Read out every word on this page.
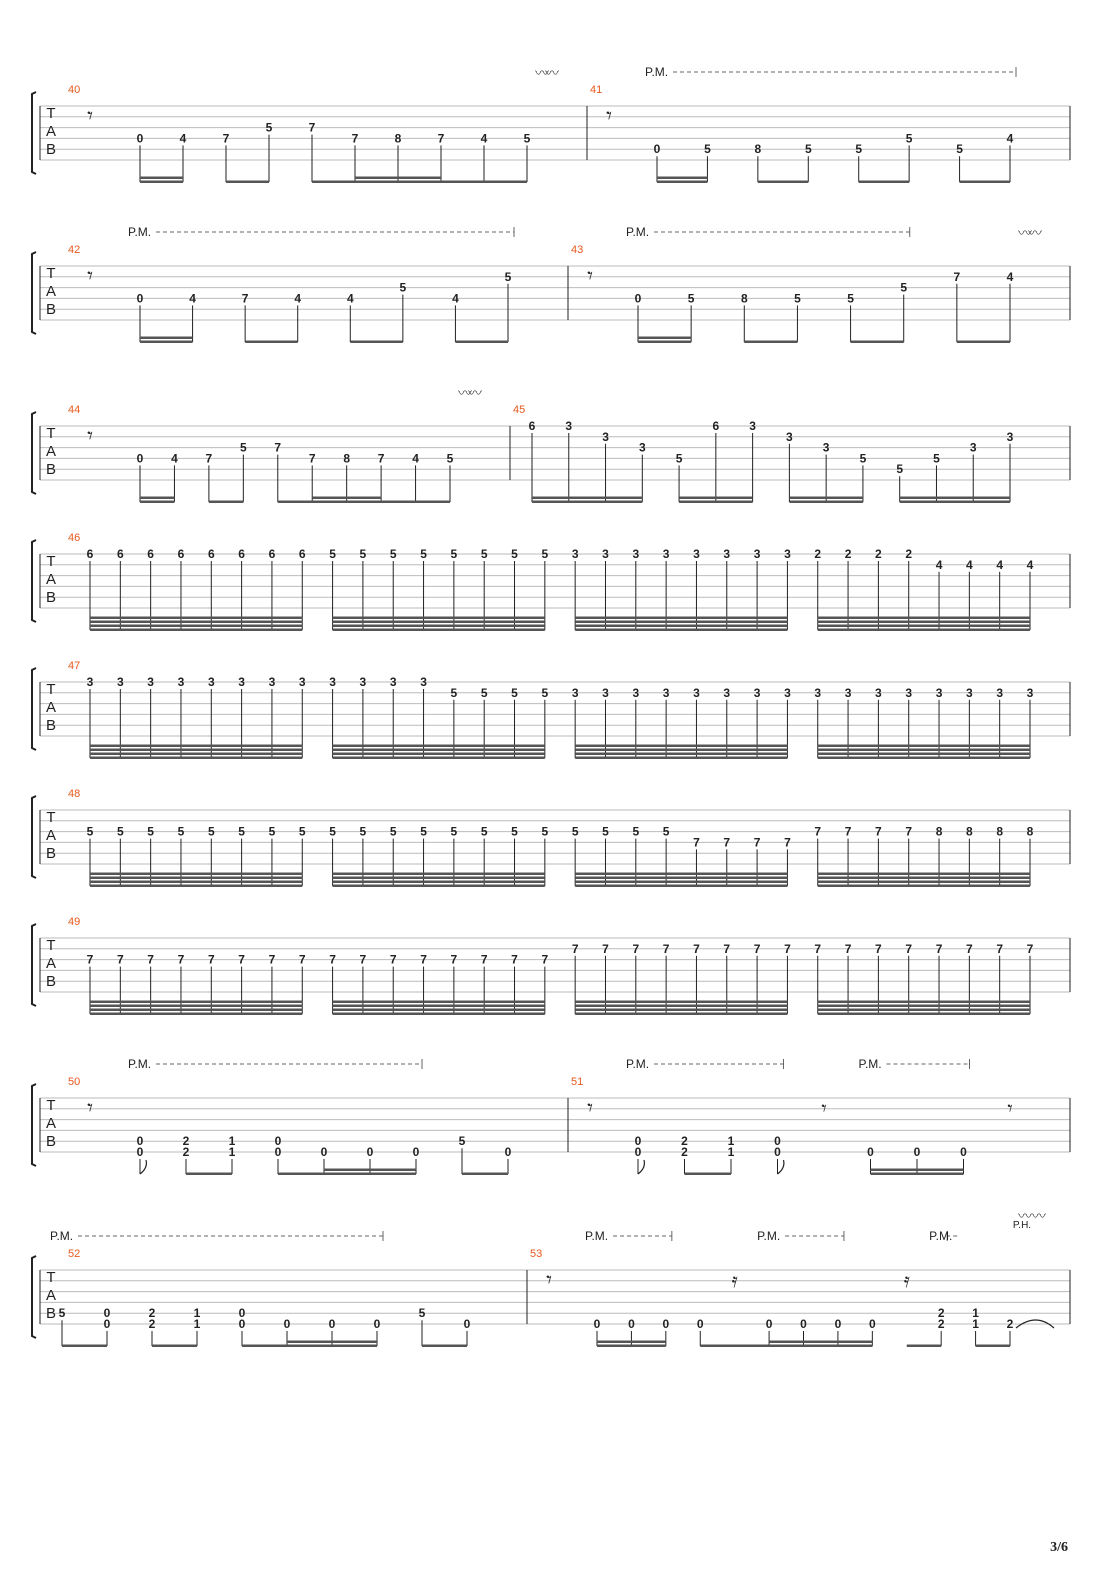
T
A
B
40
𝄾
0	4	7
5	7
7	8	7	4	5
〰〰
41
𝄾
0	5	8	5	5
5
5
4
P.M.
T
A
B
42
𝄾
0	4	7	4	4
5
4
5
43
𝄾
0	5	8	5	5
5
7	4
〰〰
P.M.	P.M.
T
A
B
44
𝄾
0 4 7
5 7
7 8 7 4 5
〰〰
45
6	3
3
3
5
6	3
3
3
5
5
5
3
3
T
A
B
46
6 6 6 6 6 6 6 6 5 5 5 5 5 5 5 5 3 3 3 3 3 3 3 3 2 2 2 2
4 4 4 4
T
A
B
47
3 3 3 3 3 3 3 3 3 3 3 3
5 5 5 5 3 3 3 3 3 3 3 3 3 3 3 3 3 3 3 3
T
A
B
48
5 5 5 5 5 5 5 5 5 5 5 5 5 5 5 5 5 5 5 5
7 7 7 7
7 7 7 7 8 8 8 8
T
A
B
49
7 7 7 7 7 7 7 7 7 7 7 7 7 7 7 7
7 7 7 7 7 7 7 7 7 7 7 7 7 7 7 7
T
A
B
50
𝄾
0
0
2
2
1
1
0
0	0	0	0
5
0
51
𝄾
0
0
2
2
1
1
0
0
𝄾
0	0	0
𝄾
P.M.	P.M.	P.M.
T
A
B
52
5	0
0
2
2
1
1
0
0	0	0	0
5
0
53
𝄾
0 0 0 0
𝄿
0 0 0 0
𝄿
2
2
1
1 2
P.M.	P.M.	P.M.	P.M.
P.H.
〰〰
3/6
